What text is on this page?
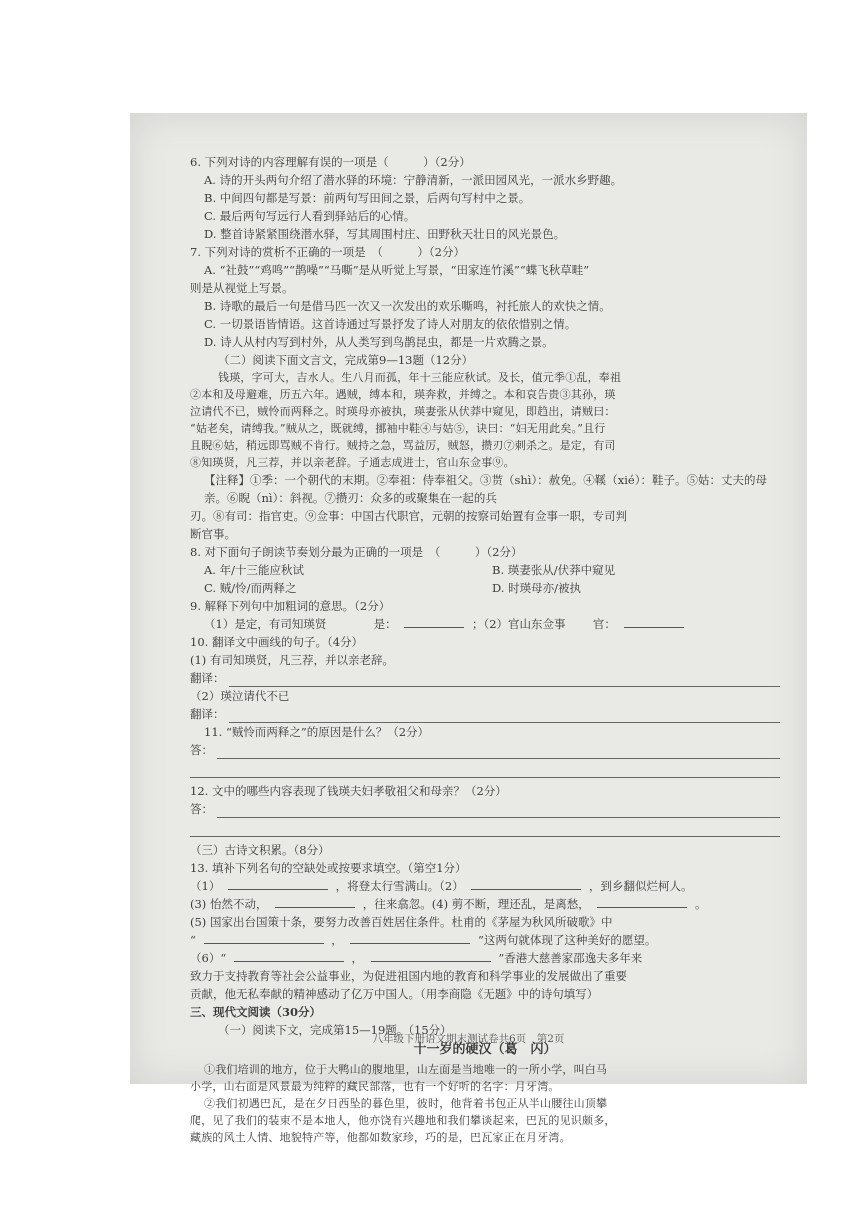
6. 下列对诗的内容理解有误的一项是（　　　）（2分）
A. 诗的开头两句介绍了潜水驿的环境：宁静清新，一派田园风光，一派水乡野趣。
B. 中间四句都是写景：前两句写田间之景，后两句写村中之景。
C. 最后两句写远行人看到驿站后的心情。
D. 整首诗紧紧围绕潜水驿，写其周围村庄、田野秋天壮日的风光景色。
7. 下列对诗的赏析不正确的一项是　（　　　）（2分）
A. “社鼓”“鸡鸣”“鹊噪”“马嘶”是从听觉上写景，“田家连竹溪”“蝶飞秋草畦”
则是从视觉上写景。
B. 诗歌的最后一句是借马匹一次又一次发出的欢乐嘶鸣，衬托旅人的欢快之情。
C. 一切景语皆情语。这首诗通过写景抒发了诗人对朋友的依依惜别之情。
D. 诗人从村内写到村外，从人类写到鸟鹊昆虫，都是一片欢腾之景。
（二）阅读下面文言文，完成第9—13题（12分）
钱瑛，字可大，吉水人。生八月而孤，年十三能应秋试。及长，值元季①乱，奉祖
②本和及母避难，历五六年。遇贼，缚本和，瑛奔救，并缚之。本和哀告贵③其孙，瑛
泣请代不已，贼怜而两释之。时瑛母亦被执，瑛妻张从伏莽中窥见，即趋出，请贼曰：
“姑老矣，请缚我。”贼从之，既就缚，挪袖中鞋④与姑⑤，诀曰：“妇无用此矣。”且行
且睨⑥姑，稍远即骂贼不肯行。贼持之急，骂益厉，贼怒，攒刃⑦刺杀之。是定，有司
⑧知瑛贤，凡三荐，并以亲老辞。子通志成进士，官山东佥事⑨。
【注释】①季：一个朝代的末期。②奉祖：侍奉祖父。③贳（shì）：赦免。④鞵（xié）：鞋子。⑤姑：丈夫的母亲。⑥睨（nì）：斜视。⑦攒刃：众多的或聚集在一起的兵
刃。⑧有司：指官吏。⑨佥事：中国古代职官，元朝的按察司始置有佥事一职，专司判
断官事。
8. 对下面句子朗读节奏划分最为正确的一项是　（　　　）（2分）
A. 年/十三能应秋试	B. 瑛妻张从/伏莽中窥见
C. 贼/怜/而两释之	D. 时瑛母亦/被执
9. 解释下列句中加粗词的意思。（2分）
（1）是定，有司知瑛贤	是：	；（2）官山东佥事 官：
10. 翻译文中画线的句子。（4分）
(1) 有司知瑛贤，凡三荐，并以亲老辞。
翻译：
（2）瑛泣请代不已
翻译：
11. “贼怜而两释之”的原因是什么？（2分）
答：
12. 文中的哪些内容表现了钱瑛夫妇孝敬祖父和母亲？（2分）
答：
（三）古诗文积累。（8分）
13. 填补下列名句的空缺处或按要求填空。（第空1分）
（1）	，将登太行雪满山。（2）	，到乡翻似烂柯人。
(3) 怡然不动，	，往来翕忽。(4) 剪不断，理还乱，是离愁，	。
(5) 国家出台国策十条，要努力改善百姓居住条件。杜甫的《茅屋为秋风所破歌》中
“	，	”这两句就体现了这种美好的愿望。
（6）“	，	”香港大慈善家邵逸夫多年来
致力于支持教育等社会公益事业，为促进祖国内地的教育和科学事业的发展做出了重要
贡献，他无私奉献的精神感动了亿万中国人。（用李商隐《无题》中的诗句填写）
三、现代文阅读（30分）
（一）阅读下文，完成第15—19题。（15分）
十一岁的硬汉（葛　闪）
①我们培训的地方，位于大鸭山的腹地里，山左面是当地唯一的一所小学，叫白马
小学，山右面是风景最为纯粹的藏民部落，也有一个好听的名字：月牙湾。
②我们初遇巴瓦，是在夕日西坠的暮色里，彼时，他背着书包正从半山腰往山顶攀
爬，见了我们的装束不是本地人，他亦饶有兴趣地和我们攀谈起来，巴瓦的见识颇多，
藏族的风土人情、地貌特产等，他都如数家珍，巧的是，巴瓦家正在月牙湾。
八年级下册语文期末测试卷共6页　第2页
